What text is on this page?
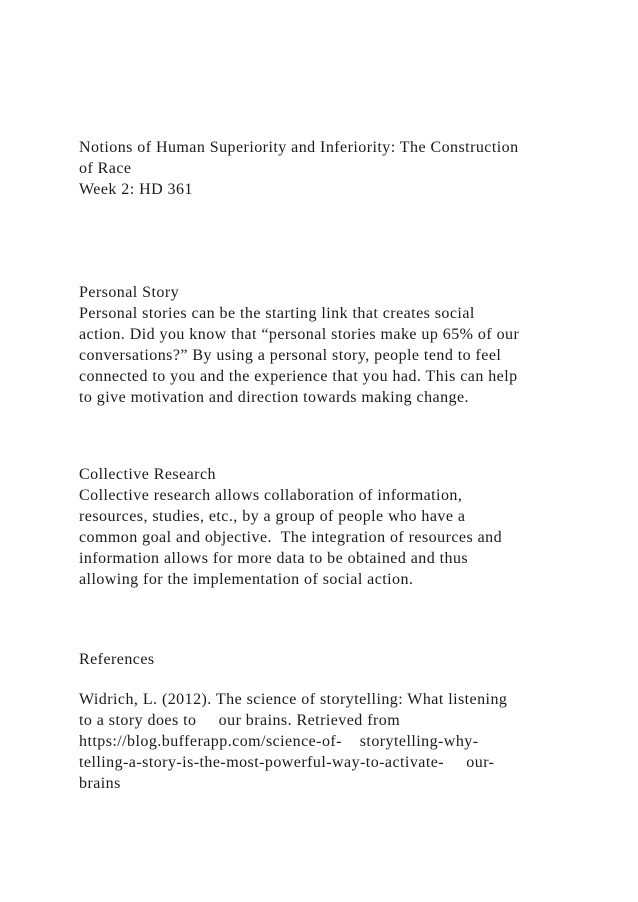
Notions of Human Superiority and Inferiority: The Construction
of Race
Week 2: HD 361
Personal Story
Personal stories can be the starting link that creates social
action. Did you know that “personal stories make up 65% of our
conversations?” By using a personal story, people tend to feel
connected to you and the experience that you had. This can help
to give motivation and direction towards making change.
Collective Research
Collective research allows collaboration of information,
resources, studies, etc., by a group of people who have a
common goal and objective.  The integration of resources and
information allows for more data to be obtained and thus
allowing for the implementation of social action.
References
Widrich, L. (2012). The science of storytelling: What listening
to a story does to     our brains. Retrieved from
https://blog.bufferapp.com/science-of-    storytelling-why-
telling-a-story-is-the-most-powerful-way-to-activate-     our-
brains
